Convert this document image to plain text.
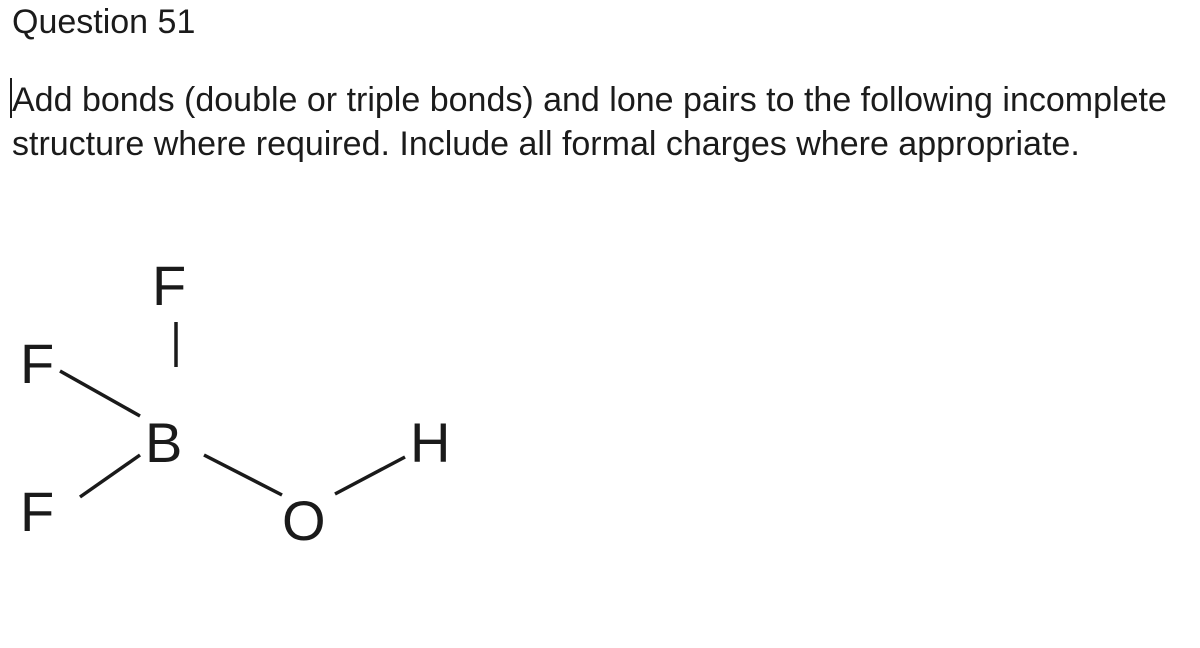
Question 51

Add bonds (double or triple bonds) and lone pairs to the following incomplete structure where required. Include all formal charges where appropriate.

F
F
F
B
O
H
